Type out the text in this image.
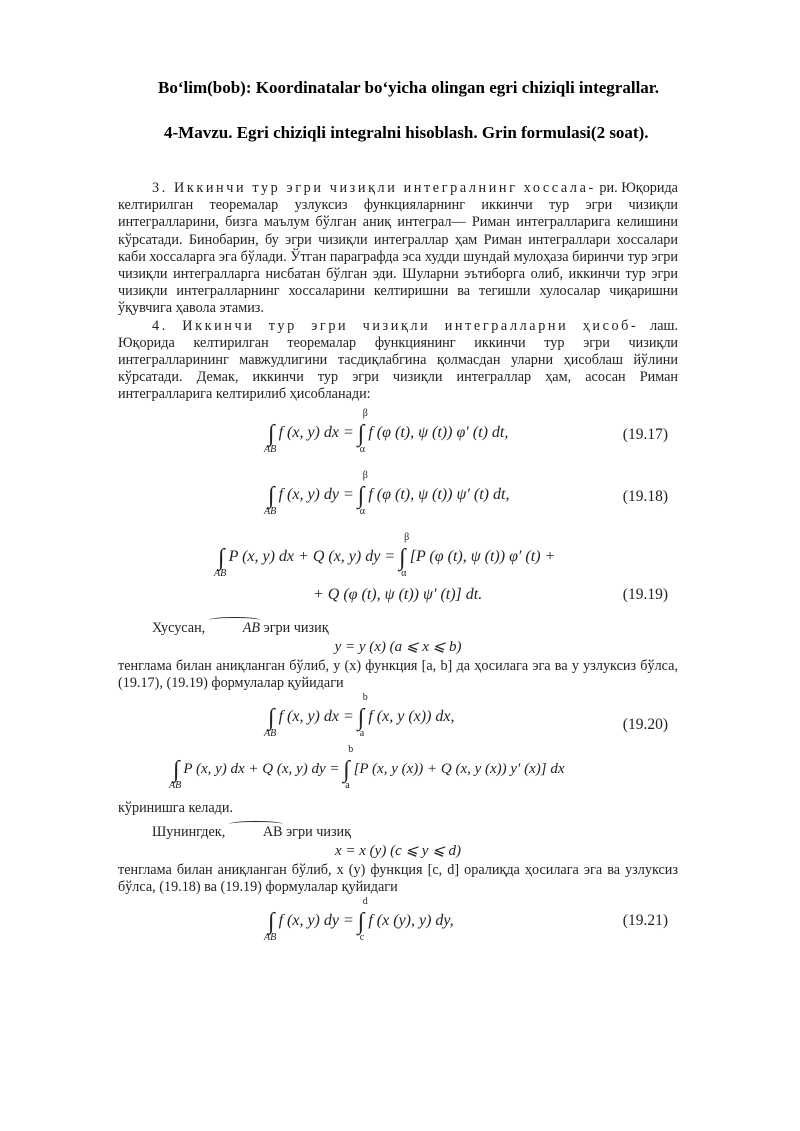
Bo‘lim(bob): Koordinatalar bo‘yicha olingan egri chiziqli integrallar.
4-Mavzu. Egri chiziqli integralni hisoblash. Grin formulasi(2 soat).

3. Иккинчи тур эгри чизиқли интегралнинг хоссала- ри. Юқорида келтирилган теоремалар узлуксиз функцияларнинг иккинчи тур эгри чизиқли интегралларини, бизга маълум бўлган аниқ интеграл— Риман интегралларига келишини кўрсатади. Бинобарин, бу эгри чизиқли интеграллар ҳам Риман интеграллари хоссалари каби хоссаларга эга бўлади. Ўтган параграфда эса худди шундай мулоҳаза биринчи тур эгри чизиқли интегралларга нисбатан бўлган эди. Шуларни эътиборга олиб, иккинчи тур эгри чизиқли интегралларнинг хоссаларини келтиришни ва тегишли хулосалар чиқаришни ўқувчига ҳавола этамиз.

4. Иккинчи тур эгри чизиқли интегралларни ҳисоб- лаш. Юқорида келтирилган теоремалар функциянинг иккинчи тур эгри чизиқли интегралларининг мавжудлигини тасдиқлабгина қолмасдан уларни ҳисоблаш йўлини кўрсатади. Демак, иккинчи тур эгри чизиқли интеграллар ҳам, асосан Риман интегралларига келтирилиб ҳисобланади:

∫
AB
f (x, y) dx = ∫
β
α
f (φ (t), ψ (t)) φ′ (t) dt,	(19.17)
∫
AB
f (x, y) dy = ∫
β
α
f (φ (t), ψ (t)) ψ′ (t) dt,	(19.18)
∫
AB
P (x, y) dx + Q (x, y) dy = ∫
β
α
[P (φ (t), ψ (t)) φ′ (t) +
+ Q (φ (t), ψ (t)) ψ′ (t)] dt.	(19.19)

Хусусан,	AB эгри чизиқ

y = y (x) (a ⩽ x ⩽ b)

тенглама билан аниқланган бўлиб, y (x) функция [a, b] да ҳосилага эга ва у узлуксиз бўлса, (19.17), (19.19) формулалар қуйидаги

∫
AB
f (x, y) dx = ∫
b
a
f (x, y (x)) dx,	(19.20)
∫
AB
P (x, y) dx + Q (x, y) dy = ∫
b
a
[P (x, y (x)) + Q (x, y (x)) y′ (x)] dx

кўринишга келади.

Шунингдек,	AB эгри чизиқ

x = x (y) (c ⩽ y ⩽ d)

тенглама билан аниқланган бўлиб, x (y) функция [c, d] оралиқда ҳосилага эга ва узлуксиз бўлса, (19.18) ва (19.19) формулалар қуйидаги

∫
AB
f (x, y) dy = ∫
d
c
f (x (y), y) dy,	(19.21)
